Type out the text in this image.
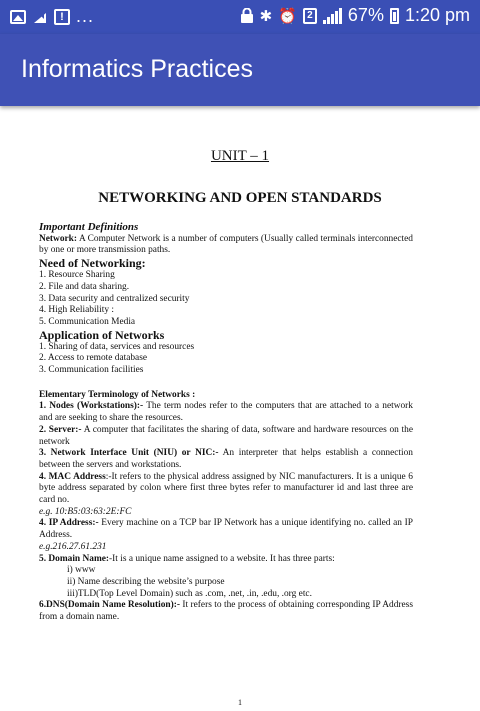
! ...	✱ ⏰	2 67% 1:20 pm
Informatics Practices
UNIT – 1
NETWORKING AND OPEN STANDARDS

Important Definitions

Network: A Computer Network is a number of computers (Usually called terminals interconnected by one or more transmission paths.

Need of Networking:

1. Resource Sharing

2. File and data sharing.

3. Data security and centralized security

4. High Reliability :

5. Communication Media

Application of Networks

1. Sharing of data, services and resources

2. Access to remote database

3. Communication facilities

Elementary Terminology of Networks :

1. Nodes (Workstations):- The term nodes refer to the computers that are attached to a network and are seeking to share the resources.

2. Server:- A computer that facilitates the sharing of data, software and hardware resources on the network

3. Network Interface Unit (NIU) or NIC:- An interpreter that helps establish a connection between the servers and workstations.

4. MAC Address:-It refers to the physical address assigned by NIC manufacturers. It is a unique 6 byte address separated by colon where first three bytes refer to manufacturer id and last three are card no.

e.g. 10:B5:03:63:2E:FC

4. IP Address:- Every machine on a TCP bar IP Network has a unique identifying no. called an IP Address.

e.g.216.27.61.231

5. Domain Name:-It is a unique name assigned to a website. It has three parts:

i) www

ii) Name describing the website’s purpose

iii)TLD(Top Level Domain) such as .com, .net, .in, .edu, .org etc.

6.DNS(Domain Name Resolution):- It refers to the process of obtaining corresponding IP Address from a domain name.

1
